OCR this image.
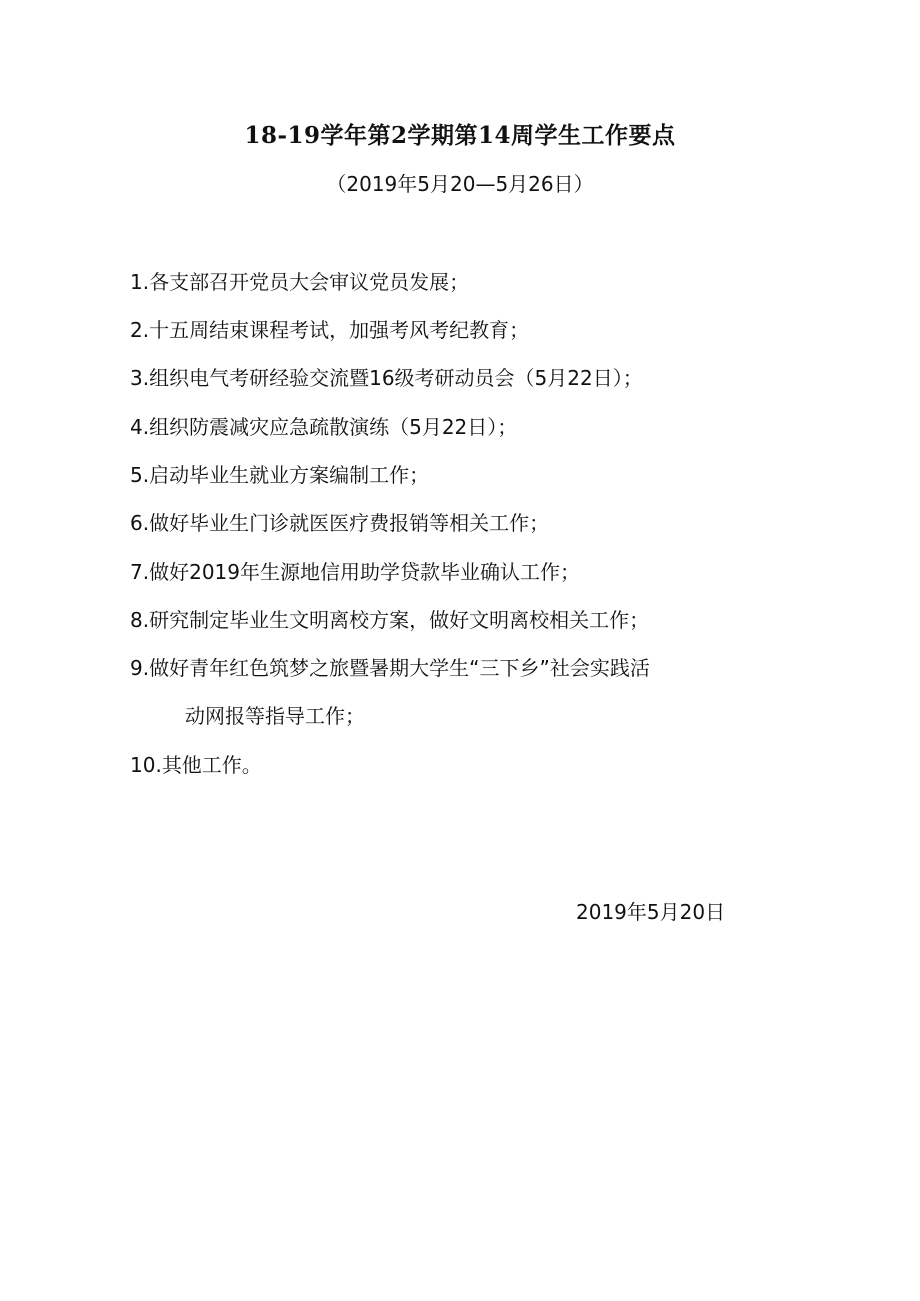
18-19学年第2学期第14周学生工作要点
（2019年5月20—5月26日）
1.各支部召开党员大会审议党员发展；
2.十五周结束课程考试，加强考风考纪教育；
3.组织电气考研经验交流暨16级考研动员会（5月22日）；
4.组织防震减灾应急疏散演练（5月22日）；
5.启动毕业生就业方案编制工作；
6.做好毕业生门诊就医医疗费报销等相关工作；
7.做好2019年生源地信用助学贷款毕业确认工作；
8.研究制定毕业生文明离校方案，做好文明离校相关工作；
9.做好青年红色筑梦之旅暨暑期大学生“三下乡”社会实践活
动网报等指导工作；
10.其他工作。
2019年5月20日
